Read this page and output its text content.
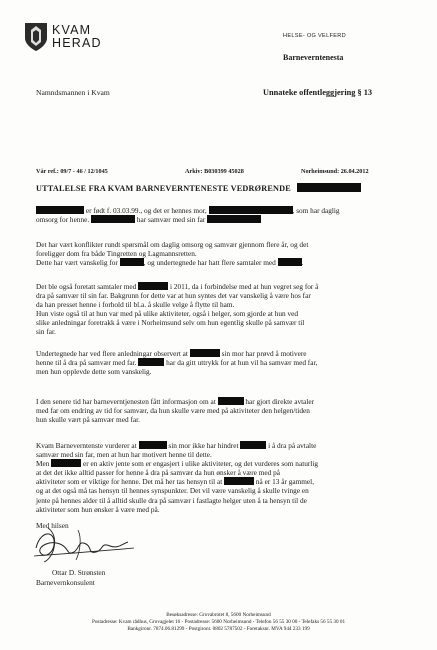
KVAM
HERAD	HELSE- OG VELFERD
Barneverntenesta
Namndsmannen i Kvam	Unnateke offentleggjering § 13
Vår ref.: 09/7 - 46 / 12/1045	Arkiv: B030399 45028	Norheimsund: 26.04.2012
UTTALELSE FRA KVAM BARNEVERNTENESTE VEDRØRENDE
er født f. 03.03.99., og det er hennes mor,	, som har daglig
omsorg for henne.	har samvær med sin far
Det har vært konflikter rundt spørsmål om daglig omsorg og samvær gjennom flere år, og det
foreligger dom fra både Tingretten og Lagmannsretten.
Dette har vært vanskelig for	, og undertegnede har hatt flere samtaler med	.
Det ble også foretatt samtaler med	i 2011, da i forbindelse med at hun vegret seg for å
dra på samvær til sin far. Bakgrunn for dette var at hun syntes det var vanskelig å være hos far
da han presset henne i forhold til bl.a. å skulle velge å flytte til ham.
Hun viste også til at hun var med på ulike aktiviteter, også i helger, som gjorde at hun ved
slike anledningar foretrakk å være i Norheimsund selv om hun egentlig skulle på samvær til
sin far.
Undertegnede har ved flere anledningar observert at	sin mor har prøvd å motivere
henne til å dra på samvær med far.	har da gitt uttrykk for at hun vil ha samvær med far,
men hun opplevde dette som vanskelig.
I den senere tid har barneverntjenesten fått informasjon om at	har gjort direkte avtaler
med far om endring av tid for samvær, da hun skulle være med på aktiviteter den helgen/tiden
hun skulle vært på samvær med far.
Kvam Barneverntenste vurderer at	sin mor ikke har hindret	i å dra på avtalte
samvær med sin far, men at hun har motivert henne til dette.
Men	er en aktiv jente som er engasjert i ulike aktiviteter, og det vurderes som naturlig
at det det ikke alltid passer for henne å dra på samvær da hun ønsker å være med på
aktiviteter som er viktige for henne. Det må her tas hensyn til at	nå er 13 år gammel,
og at det også må tas hensyn til hennes synspunkter. Det vil være vanskelig å skulle tvinge en
jente på hennes alder til å alltid skulle dra på samvær i fastlagte helger uten å ta hensyn til de
aktiviteter som hun ønsker å være med på.
Med hilsen
Ottar D. Strønsten
Barnevernkonsulent
Besøksadresse: Grovabrotet 8, 5600 Norheimsund
Postadresse: Kvam rådhus, Grovagjelet 16 - Postadresse: 5600 Norheimsund - Telefon 56 55 30 00 - Telefaks 56 55 30 01
Bankgironr. 7874.06.81299 - Postgironr. 0802 5787502 - Foretaksnr. MVA 944 233 199
